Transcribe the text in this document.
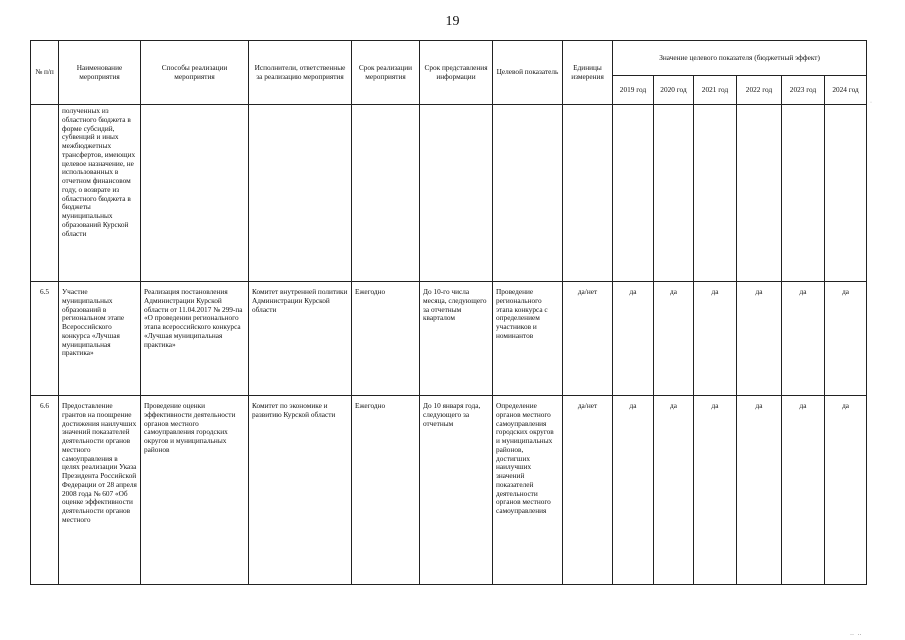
19
№ п/п	Наименование мероприятия	Способы реализации мероприятия	Исполнители, ответственные за реализацию мероприятия	Срок реализации мероприятия	Срок представления информации	Целевой показатель	Единицы измерения	Значение целевого показателя (бюджетный эффект)					
								2019 год	2020 год	2021 год	2022 год	2023 год	2024 год
	полученных из областного бюджета в форме субсидий, субвенций и иных межбюджетных трансфертов, имеющих целевое назначение, не использованных в отчетном финансовом году, о возврате из областного бюджета в бюджеты муниципальных образований Курской области												
6.5	Участие муниципальных образований в региональном этапе Всероссийского конкурса «Лучшая муниципальная практика»	Реализация постановления Администрации Курской области от 11.04.2017 № 299-па «О проведении регионального этапа всероссийского конкурса «Лучшая муниципальная практика»	Комитет внутренней политики Администрации Курской области	Ежегодно	До 10-го числа месяца, следующего за отчетным кварталом	Проведение регионального этапа конкурса с определением участников и номинантов	да/нет	да	да	да	да	да	да
6.6	Предоставление грантов на поощрение достижения наилучших значений показателей деятельности органов местного самоуправления в целях реализации Указа Президента Российской Федерации от 28 апреля 2008 года № 607 «Об оценке эффективности деятельности органов местного	Проведение оценки эффективности деятельности органов местного самоуправления городских округов и муниципальных районов	Комитет по экономике и развитию Курской области	Ежегодно	До 10 января года, следующего за отчетным	Определение органов местного самоуправления городских округов и муниципальных районов, достигших наилучших значений показателей деятельности органов местного самоуправления	да/нет	да	да	да	да	да	да
·
‥ ‥
